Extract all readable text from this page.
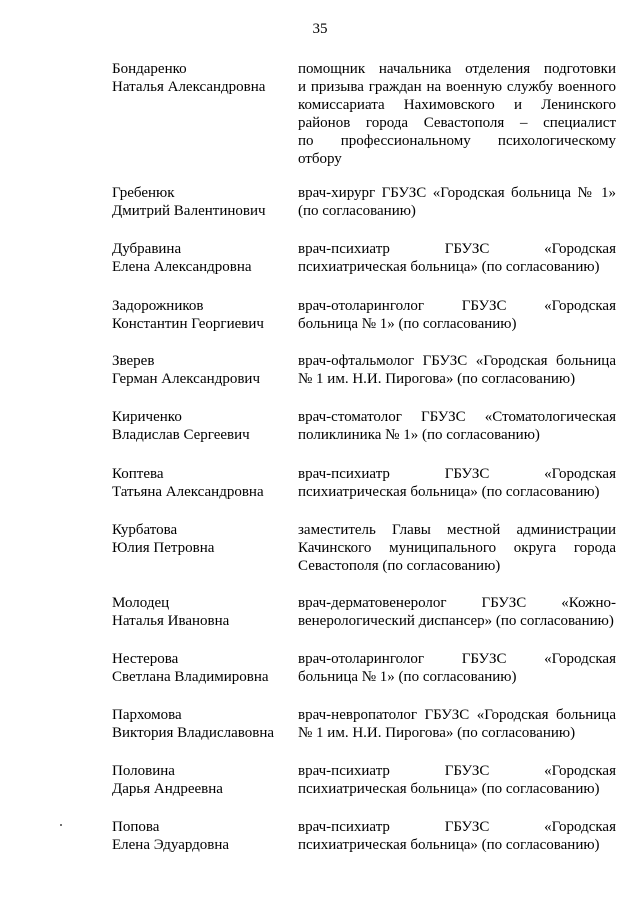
35
Бондаренко
Наталья Александровна
помощник начальника отделения подготовки
и призыва граждан на военную службу военного
комиссариата Нахимовского и Ленинского
районов города Севастополя – специалист
по профессиональному психологическому
отбору
Гребенюк
Дмитрий Валентинович
врач-хирург ГБУЗС «Городская больница № 1»
(по согласованию)
Дубравина
Елена Александровна
врач-психиатр ГБУЗС «Городская
психиатрическая больница» (по согласованию)
Задорожников
Константин Георгиевич
врач-отоларинголог ГБУЗС «Городская
больница № 1» (по согласованию)
Зверев
Герман Александрович
врач-офтальмолог ГБУЗС «Городская больница
№ 1 им. Н.И. Пирогова» (по согласованию)
Кириченко
Владислав Сергеевич
врач-стоматолог ГБУЗС «Стоматологическая
поликлиника № 1» (по согласованию)
Коптева
Татьяна Александровна
врач-психиатр ГБУЗС «Городская
психиатрическая больница» (по согласованию)
Курбатова
Юлия Петровна
заместитель Главы местной администрации
Качинского муниципального округа города
Севастополя (по согласованию)
Молодец
Наталья Ивановна
врач-дерматовенеролог ГБУЗС «Кожно-
венерологический диспансер» (по согласованию)
Нестерова
Светлана Владимировна
врач-отоларинголог ГБУЗС «Городская
больница № 1» (по согласованию)
Пархомова
Виктория Владиславовна
врач-невропатолог ГБУЗС «Городская больница
№ 1 им. Н.И. Пирогова» (по согласованию)
Половина
Дарья Андреевна
врач-психиатр ГБУЗС «Городская
психиатрическая больница» (по согласованию)
Попова
Елена Эдуардовна
врач-психиатр ГБУЗС «Городская
психиатрическая больница» (по согласованию)
